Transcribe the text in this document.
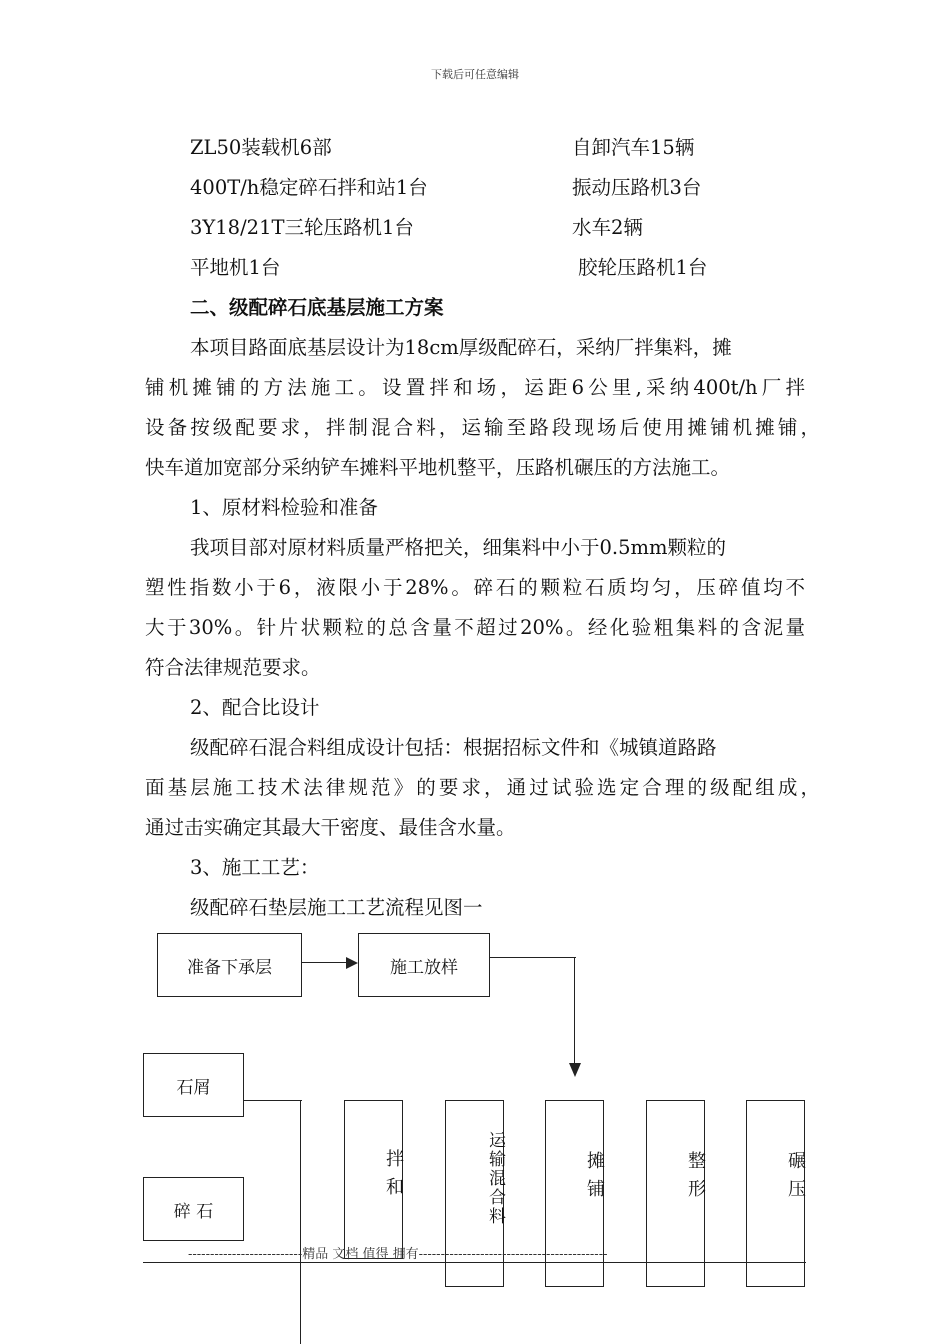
下载后可任意编辑
ZL50装载机6部	自卸汽车15辆
400T/h稳定碎石拌和站1台	振动压路机3台
3Y18/21T三轮压路机1台	水车2辆
平地机1台	胶轮压路机1台
二、级配碎石底基层施工方案
本项目路面底基层设计为18cm厚级配碎石，采纳厂拌集料，摊
铺机摊铺的方法施工。设置拌和场，运距6公里,采纳400t/h厂拌
设备按级配要求，拌制混合料，运输至路段现场后使用摊铺机摊铺，
快车道加宽部分采纳铲车摊料平地机整平，压路机碾压的方法施工。
1、原材料检验和准备
我项目部对原材料质量严格把关，细集料中小于0.5mm颗粒的
塑性指数小于6，液限小于28%。碎石的颗粒石质均匀，压碎值均不
大于30%。针片状颗粒的总含量不超过20%。经化验粗集料的含泥量
符合法律规范要求。
2、配合比设计
级配碎石混合料组成设计包括：根据招标文件和《城镇道路路
面基层施工技术法律规范》的要求，通过试验选定合理的级配组成，
通过击实确定其最大干密度、最佳含水量。
3、施工工艺：
级配碎石垫层施工工艺流程见图一
准备下承层	施工放样
石屑
碎 石
拌和	运输混合料	摊铺	整形	碾压
--------------------------精品 文档 值得 拥有-------------------------------------------
